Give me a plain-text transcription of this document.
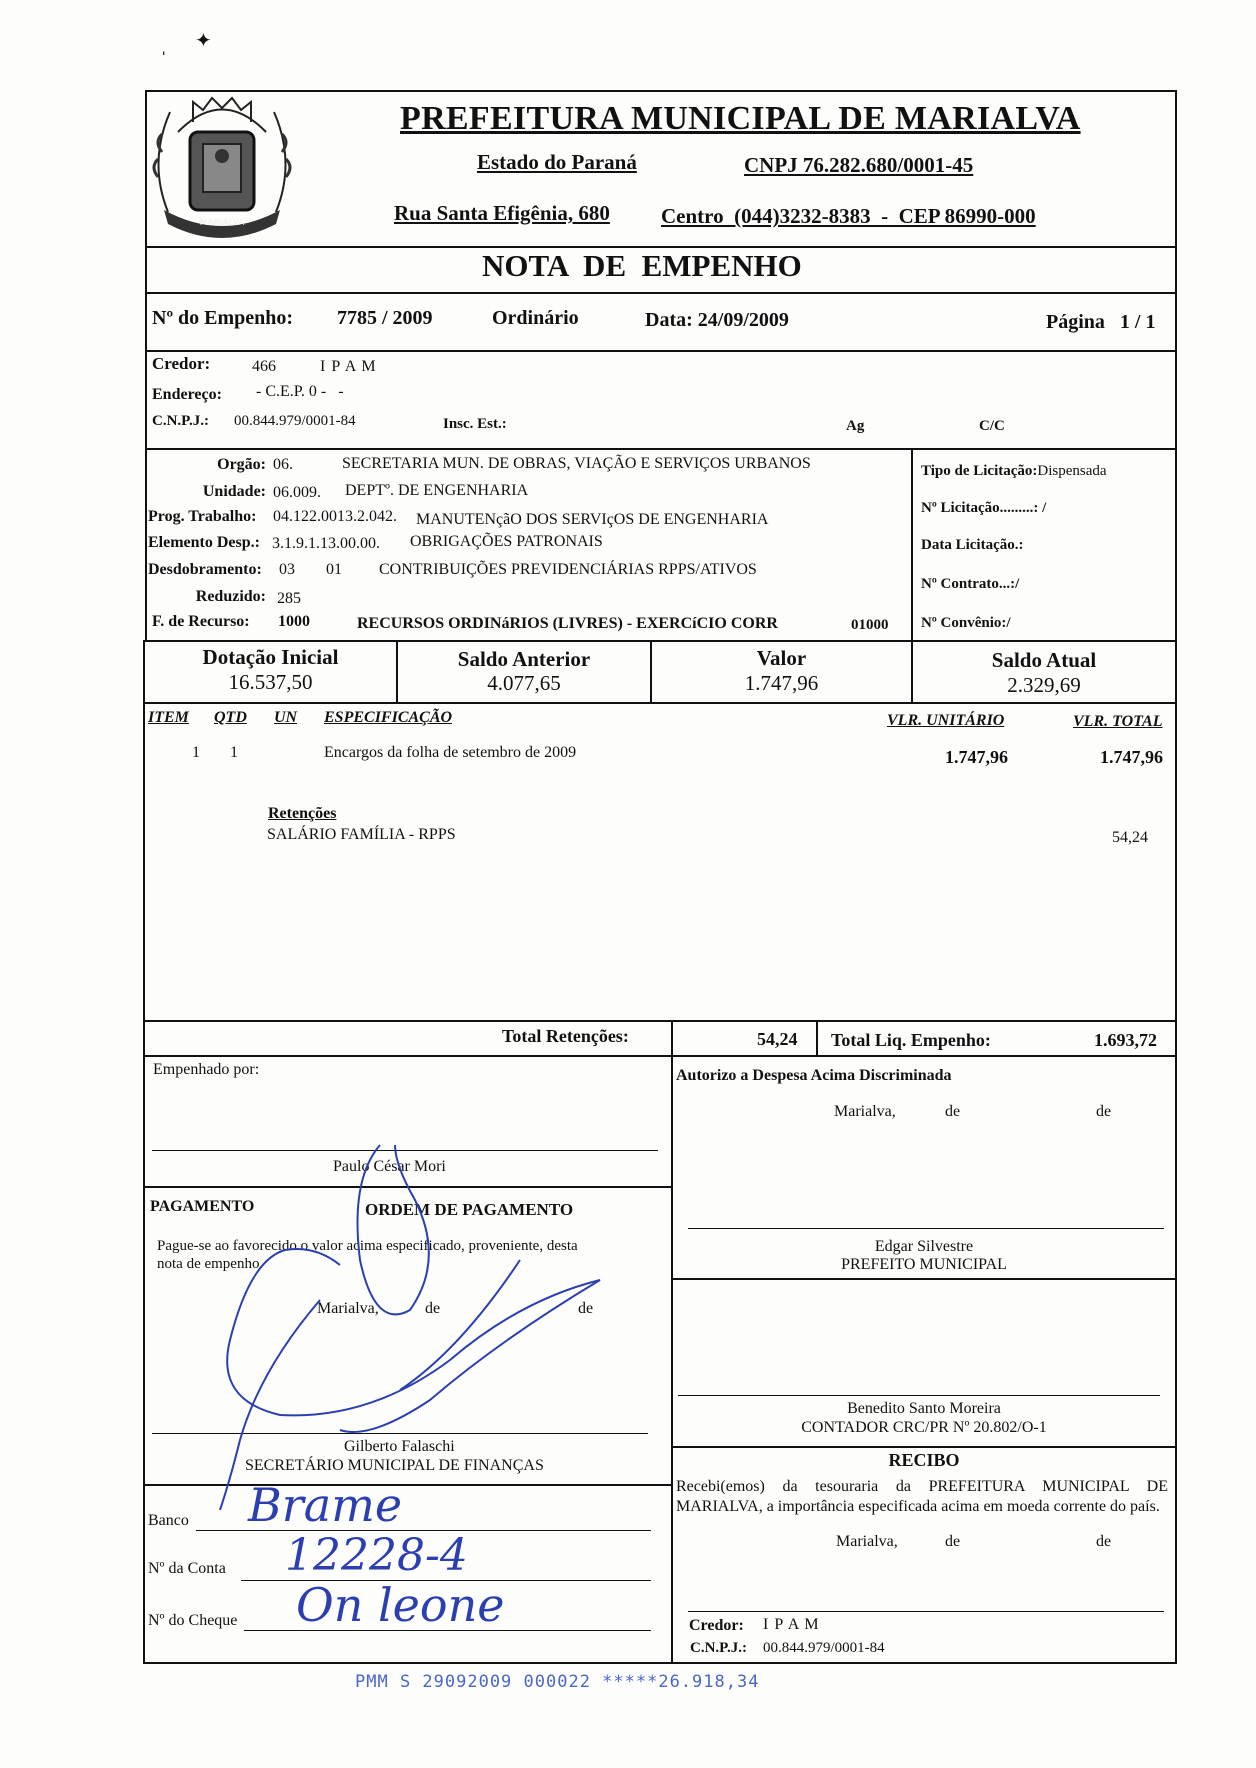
ˌ ✦
MARIALVA
PREFEITURA MUNICIPAL DE MARIALVA
Estado do Paraná	CNPJ 76.282.680/0001-45
Rua Santa Efigênia, 680 Centro  (044)3232-8383  -  CEP 86990-000
NOTA  DE  EMPENHO
Nº do Empenho: 7785 / 2009	Ordinário	Data: 24/09/2009	Página   1 / 1
Credor:	466	I P A M
Endereço: - C.E.P. 0 -   -
C.N.P.J.: 00.844.979/0001-84	Insc. Est.:	Ag	C/C
Orgão: 06.	SECRETARIA MUN. DE OBRAS, VIAÇÃO E SERVIÇOS URBANOS
Unidade: 06.009. DEPTº. DE ENGENHARIA
Prog. Trabalho: 04.122.0013.2.042. MANUTENçãO DOS SERVIçOS DE ENGENHARIA
Elemento Desp.: 3.1.9.1.13.00.00. OBRIGAÇÕES PATRONAIS
Desdobramento: 03 01 CONTRIBUIÇÕES PREVIDENCIÁRIAS RPPS/ATIVOS
Reduzido: 285
F. de Recurso: 1000	RECURSOS ORDINáRIOS (LIVRES) - EXERCíCIO CORR	01000
Tipo de Licitação:Dispensada
Nº Licitação.........: /
Data Licitação.:
Nº Contrato...:/
Nº Convênio:/
Dotação Inicial
16.537,50
Saldo Anterior
4.077,65
Valor
1.747,96
Saldo Atual
2.329,69
ITEM QTD UN ESPECIFICAÇÃO	VLR. UNITÁRIO	VLR. TOTAL
1 1	Encargos da folha de setembro de 2009	1.747,96	1.747,96
Retenções
SALÁRIO FAMÍLIA - RPPS	54,24
Total Retenções:	54,24 Total Liq. Empenho:	1.693,72
Empenhado por:
Paulo César Mori
PAGAMENTO	ORDEM DE PAGAMENTO
Pague-se ao favorecido o valor acima especificado, proveniente, desta
nota de empenho
Marialva,	de	de
Gilberto Falaschi
SECRETÁRIO MUNICIPAL DE FINANÇAS
Banco Brame
Nº da Conta 12228-4
Nº do Cheque On leone
Autorizo a Despesa Acima Discriminada
Marialva,	de	de
Edgar Silvestre
PREFEITO MUNICIPAL
Benedito Santo Moreira
CONTADOR CRC/PR Nº 20.802/O-1
RECIBO
Recebi(emos) da tesouraria da PREFEITURA MUNICIPAL DE MARIALVA, a importância especificada acima em moeda corrente do país.
Marialva,	de	de
Credor: I P A M
C.N.P.J.: 00.844.979/0001-84
PMM S 29092009 000022 *****26.918,34
